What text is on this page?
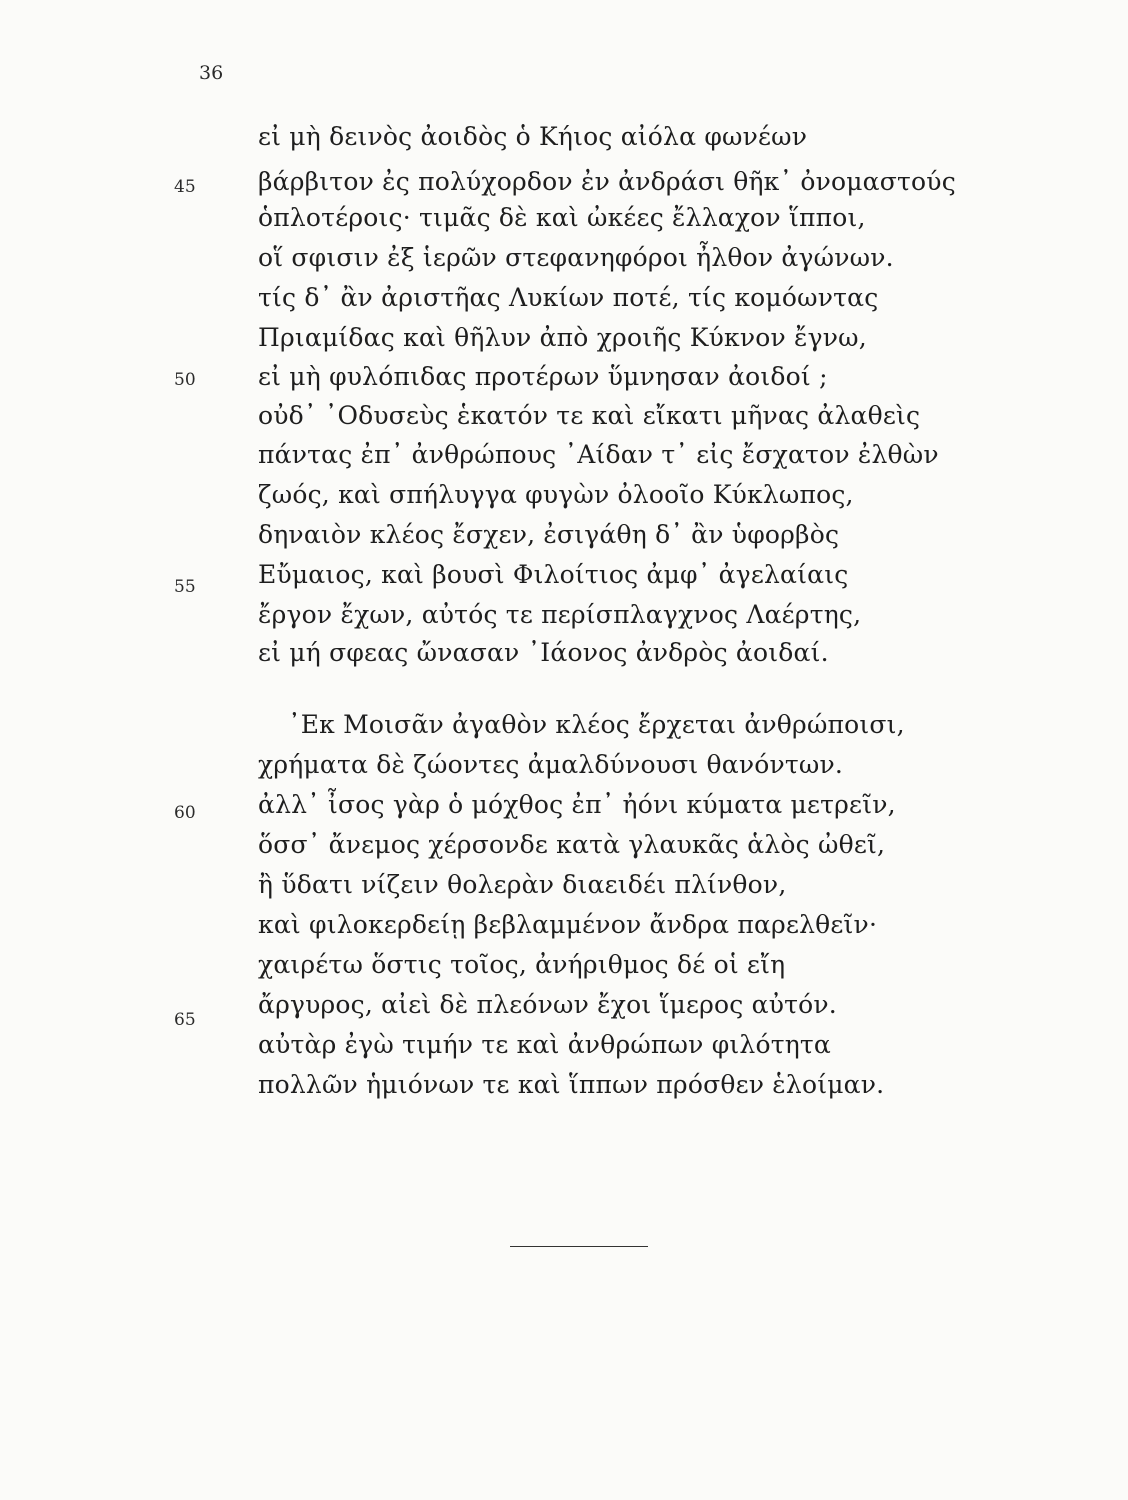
36
εἰ μὴ δεινὸς ἀοιδὸς ὁ Κήιος αἰόλα φωνέων
45 βάρβιτον ἐς πολύχορδον ἐν ἀνδράσι θῆκ᾽ ὀνομαστούς
ὁπλοτέροις· τιμᾶς δὲ καὶ ὠκέες ἔλλαχον ἵπποι,
οἵ σφισιν ἐξ ἱερῶν στεφανηφόροι ἦλθον ἀγώνων.
τίς δ᾽ ἂν ἀριστῆας Λυκίων ποτέ, τίς κομόωντας
Πριαμίδας καὶ θῆλυν ἀπὸ χροιῆς Κύκνον ἔγνω,
50 εἰ μὴ φυλόπιδας προτέρων ὕμνησαν ἀοιδοί ;
οὐδ᾽ ᾿Οδυσεὺς ἑκατόν τε καὶ εἴκατι μῆνας ἀλαθεὶς
πάντας ἐπ᾽ ἀνθρώπους ᾿Αίδαν τ᾽ εἰς ἔσχατον ἐλθὼν
ζωός, καὶ σπήλυγγα φυγὼν ὀλοοῖο Κύκλωπος,
δηναιὸν κλέος ἔσχεν, ἐσιγάθη δ᾽ ἂν ὑφορβὸς
55 Εὔμαιος, καὶ βουσὶ Φιλοίτιος ἀμφ᾽ ἀγελαίαις
ἔργον ἔχων, αὐτός τε περίσπλαγχνος Λαέρτης,
εἰ μή σφεας ὤνασαν ᾿Ιάονος ἀνδρὸς ἀοιδαί.
᾿Εκ Μοισᾶν ἀγαθὸν κλέος ἔρχεται ἀνθρώποισι,
χρήματα δὲ ζώοντες ἀμαλδύνουσι θανόντων.
60 ἀλλ᾽ ἶσος γὰρ ὁ μόχθος ἐπ᾽ ἠόνι κύματα μετρεῖν,
ὅσσ᾽ ἄνεμος χέρσονδε κατὰ γλαυκᾶς ἁλὸς ὠθεῖ,
ἢ ὕδατι νίζειν θολερὰν διαειδέι πλίνθον,
καὶ φιλοκερδείῃ βεβλαμμένον ἄνδρα παρελθεῖν·
χαιρέτω ὅστις τοῖος, ἀνήριθμος δέ οἱ εἴη
65
ἄργυρος, αἰεὶ δὲ πλεόνων ἔχοι ἵμερος αὐτόν.
αὐτὰρ ἐγὼ τιμήν τε καὶ ἀνθρώπων φιλότητα
πολλῶν ἡμιόνων τε καὶ ἵππων πρόσθεν ἑλοίμαν.
